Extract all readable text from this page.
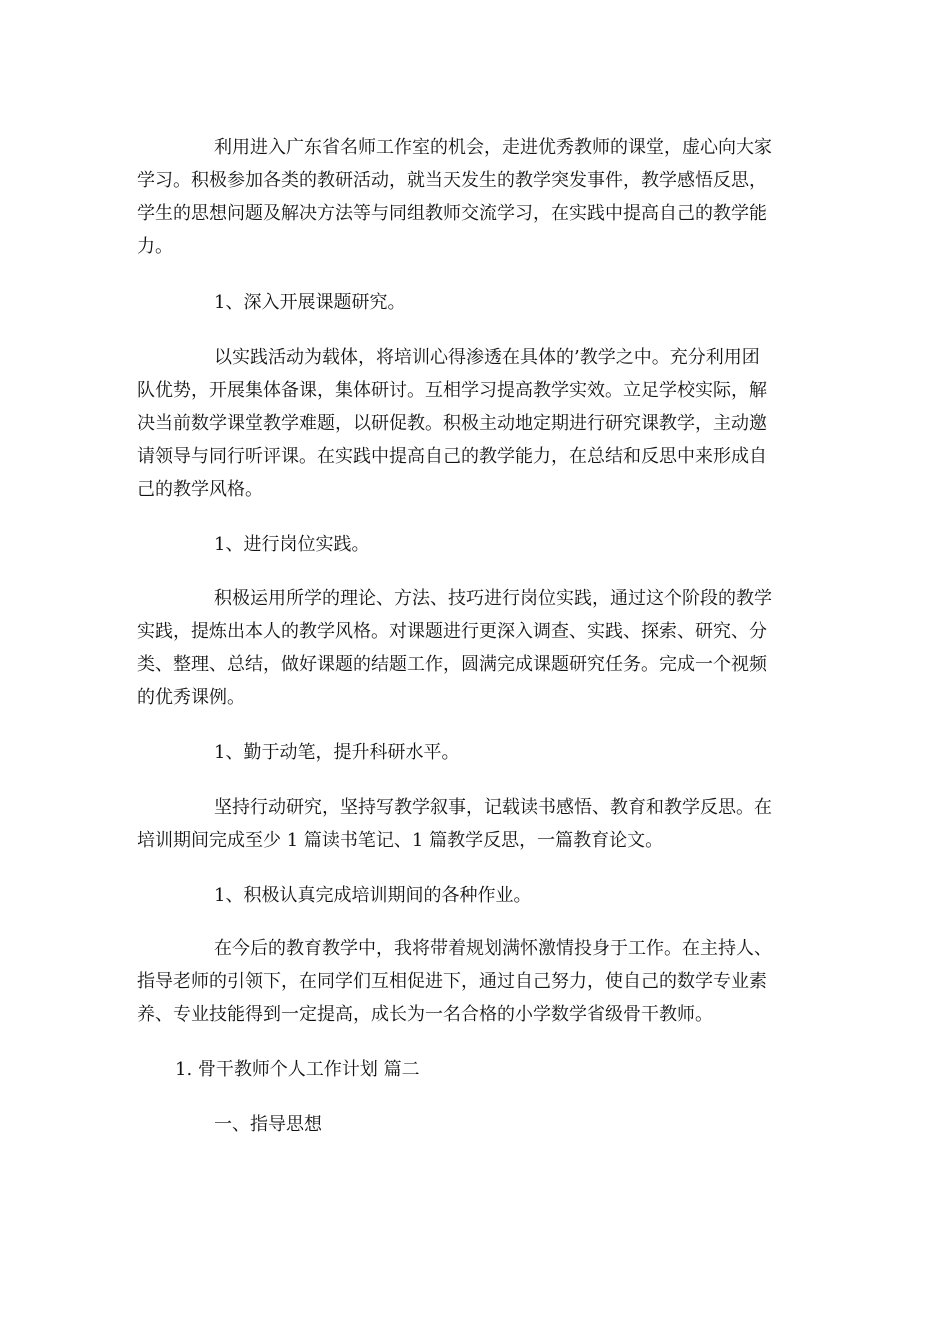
利用进入广东省名师工作室的机会，走进优秀教师的课堂，虚心向大家
学习。积极参加各类的教研活动，就当天发生的教学突发事件，教学感悟反思，
学生的思想问题及解决方法等与同组教师交流学习，在实践中提高自己的教学能
力。
1、深入开展课题研究。
以实践活动为载体，将培训心得渗透在具体的’教学之中。充分利用团
队优势，开展集体备课，集体研讨。互相学习提高教学实效。立足学校实际，解
决当前数学课堂教学难题，以研促教。积极主动地定期进行研究课教学，主动邀
请领导与同行听评课。在实践中提高自己的教学能力，在总结和反思中来形成自
己的教学风格。
1、进行岗位实践。
积极运用所学的理论、方法、技巧进行岗位实践，通过这个阶段的教学
实践，提炼出本人的教学风格。对课题进行更深入调查、实践、探索、研究、分
类、整理、总结，做好课题的结题工作，圆满完成课题研究任务。完成一个视频
的优秀课例。
1、勤于动笔，提升科研水平。
坚持行动研究，坚持写教学叙事，记载读书感悟、教育和教学反思。在
培训期间完成至少 1 篇读书笔记、1 篇教学反思，一篇教育论文。
1、积极认真完成培训期间的各种作业。
在今后的教育教学中，我将带着规划满怀激情投身于工作。在主持人、
指导老师的引领下，在同学们互相促进下，通过自己努力，使自己的数学专业素
养、专业技能得到一定提高，成长为一名合格的小学数学省级骨干教师。
1. 骨干教师个人工作计划 篇二
一、指导思想
